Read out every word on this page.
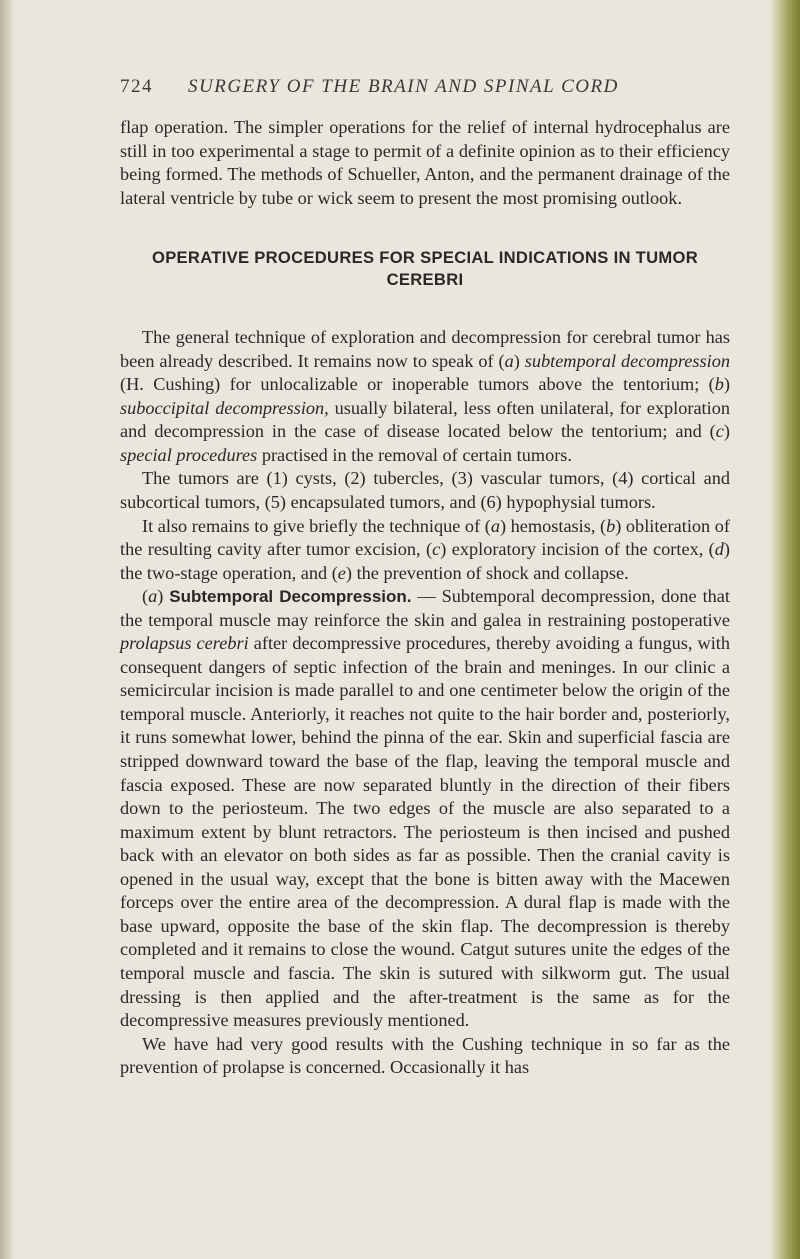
724 SURGERY OF THE BRAIN AND SPINAL CORD

flap operation. The simpler operations for the relief of internal hydrocephalus are still in too experimental a stage to permit of a definite opinion as to their efficiency being formed. The methods of Schueller, Anton, and the permanent drainage of the lateral ventricle by tube or wick seem to present the most promising outlook.

OPERATIVE PROCEDURES FOR SPECIAL INDICATIONS IN TUMOR CEREBRI

The general technique of exploration and decompression for cerebral tumor has been already described. It remains now to speak of (a) subtemporal decompression (H. Cushing) for unlocalizable or inoperable tumors above the tentorium; (b) suboccipital decompression, usually bilateral, less often unilateral, for exploration and decompression in the case of disease located below the tentorium; and (c) special procedures practised in the removal of certain tumors.

The tumors are (1) cysts, (2) tubercles, (3) vascular tumors, (4) cortical and subcortical tumors, (5) encapsulated tumors, and (6) hypophysial tumors.

It also remains to give briefly the technique of (a) hemostasis, (b) obliteration of the resulting cavity after tumor excision, (c) exploratory incision of the cortex, (d) the two-stage operation, and (e) the prevention of shock and collapse.

(a) Subtemporal Decompression. — Subtemporal decompression, done that the temporal muscle may reinforce the skin and galea in restraining postoperative prolapsus cerebri after decompressive procedures, thereby avoiding a fungus, with consequent dangers of septic infection of the brain and meninges. In our clinic a semicircular incision is made parallel to and one centimeter below the origin of the temporal muscle. Anteriorly, it reaches not quite to the hair border and, posteriorly, it runs somewhat lower, behind the pinna of the ear. Skin and superficial fascia are stripped downward toward the base of the flap, leaving the temporal muscle and fascia exposed. These are now separated bluntly in the direction of their fibers down to the periosteum. The two edges of the muscle are also separated to a maximum extent by blunt retractors. The periosteum is then incised and pushed back with an elevator on both sides as far as possible. Then the cranial cavity is opened in the usual way, except that the bone is bitten away with the Macewen forceps over the entire area of the decompression. A dural flap is made with the base upward, opposite the base of the skin flap. The decompression is thereby completed and it remains to close the wound. Catgut sutures unite the edges of the temporal muscle and fascia. The skin is sutured with silkworm gut. The usual dressing is then applied and the after-treatment is the same as for the decompressive measures previously mentioned.

We have had very good results with the Cushing technique in so far as the prevention of prolapse is concerned. Occasionally it has
